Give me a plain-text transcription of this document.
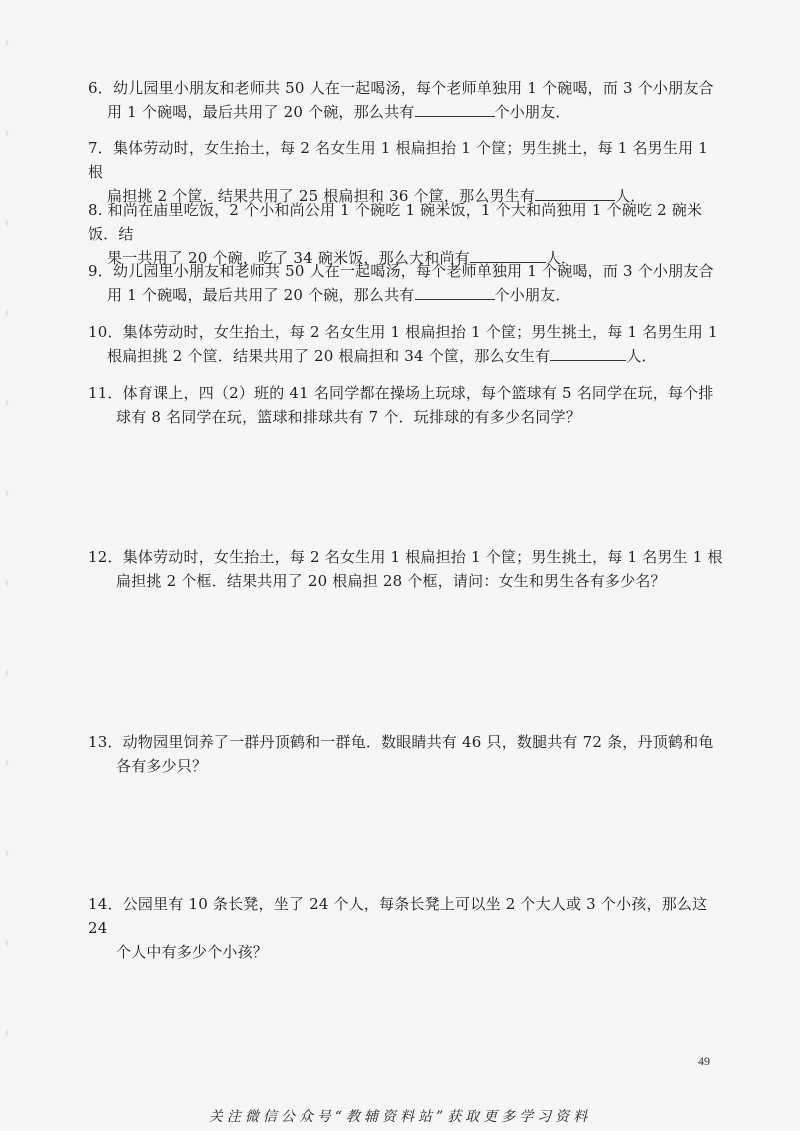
6．幼儿园里小朋友和老师共 50 人在一起喝汤，每个老师单独用 1 个碗喝，而 3 个小朋友合
用 1 个碗喝，最后共用了 20 个碗，那么共有	个小朋友．
7．集体劳动时，女生抬土，每 2 名女生用 1 根扁担抬 1 个筐；男生挑土，每 1 名男生用 1 根
扁担挑 2 个筐．结果共用了 25 根扁担和 36 个筐，那么男生有	人．
8. 和尚在庙里吃饭，2 个小和尚公用 1 个碗吃 1 碗米饭，1 个大和尚独用 1 个碗吃 2 碗米饭．结
果一共用了 20 个碗，吃了 34 碗米饭，那么大和尚有	人．
9．幼儿园里小朋友和老师共 50 人在一起喝汤，每个老师单独用 1 个碗喝，而 3 个小朋友合
用 1 个碗喝，最后共用了 20 个碗，那么共有	个小朋友．
10．集体劳动时，女生抬土，每 2 名女生用 1 根扁担抬 1 个筐；男生挑土，每 1 名男生用 1
根扁担挑 2 个筐．结果共用了 20 根扁担和 34 个筐，那么女生有	人．
11．体育课上，四（2）班的 41 名同学都在操场上玩球，每个篮球有 5 名同学在玩，每个排
球有 8 名同学在玩，篮球和排球共有 7 个．玩排球的有多少名同学？
12．集体劳动时，女生抬土，每 2 名女生用 1 根扁担抬 1 个筐；男生挑土，每 1 名男生 1 根
扁担挑 2 个框．结果共用了 20 根扁担 28 个框，请问：女生和男生各有多少名？
13．动物园里饲养了一群丹顶鹤和一群龟．数眼睛共有 46 只，数腿共有 72 条，丹顶鹤和龟
各有多少只？
14．公园里有 10 条长凳，坐了 24 个人，每条长凳上可以坐 2 个大人或 3 个小孩，那么这 24
个人中有多少个小孩？
49
关注微信公众号“教辅资料站”获取更多学习资料
